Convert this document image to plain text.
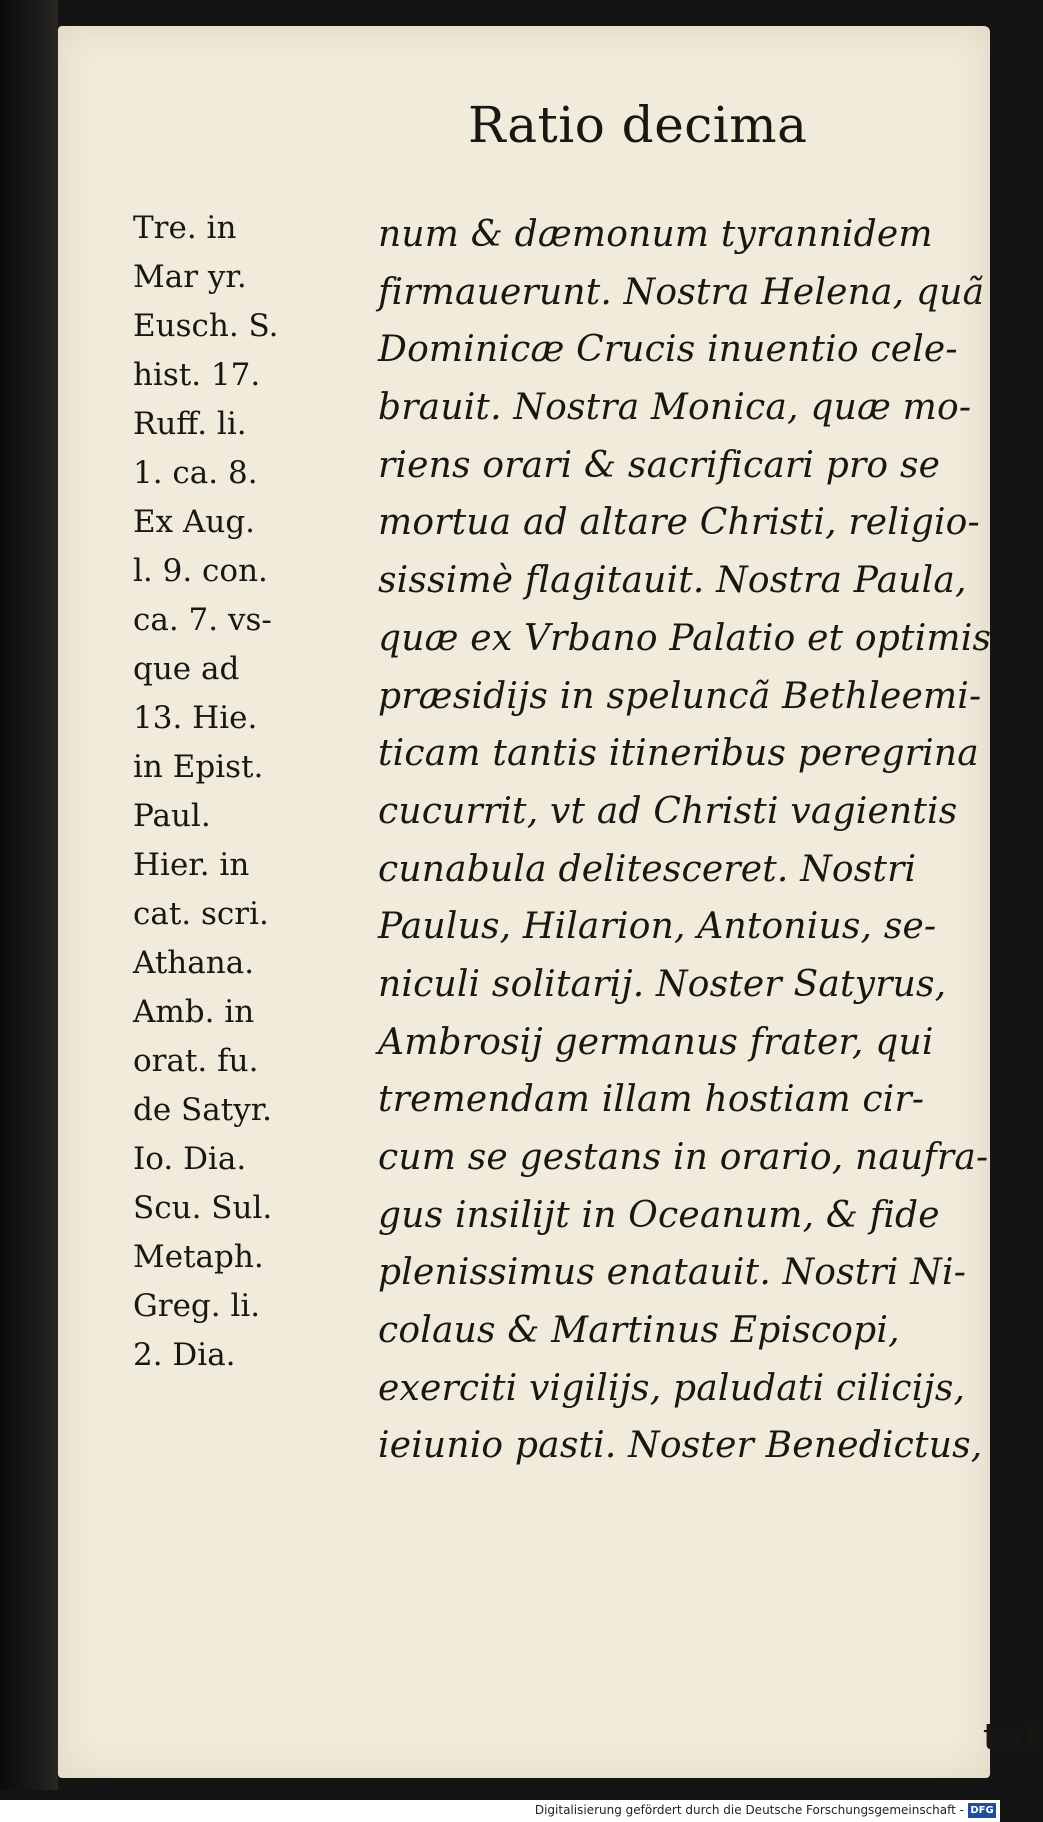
Ratio decima
Tre. in
Mar yr.
Eusch. S.
hist. 17.
Ruff. li.
1. ca. 8.
Ex Aug.
l. 9. con.
ca. 7. vs-
que ad
13. Hie.
in Epist.
Paul.
Hier. in
cat. scri.
Athana.
Amb. in
orat. fu.
de Satyr.
Io. Dia.
Scu. Sul.
Metaph.
Greg. li.
2. Dia.
num & dæmonum tyrannidem
firmauerunt. Nostra Helena, quã
Dominicæ Crucis inuentio cele-
brauit. Nostra Monica, quæ mo-
riens orari & sacrificari pro se
mortua ad altare Christi, religio-
sissimè flagitauit. Nostra Paula,
quæ ex Vrbano Palatio et optimis
præsidijs in speluncã Bethleemi-
ticam tantis itineribus peregrina
cucurrit, vt ad Christi vagientis
cunabula delitesceret. Nostri
Paulus, Hilarion, Antonius, se-
niculi solitarij. Noster Satyrus,
Ambrosij germanus frater, qui
tremendam illam hostiam cir-
cum se gestans in orario, naufra-
gus insilijt in Oceanum, & fide
plenissimus enatauit. Nostri Ni-
colaus & Martinus Episcopi,
exerciti vigilijs, paludati cilicijs,
ieiunio pasti. Noster Benedictus,
tot
Digitalisierung gefördert durch die Deutsche Forschungsgemeinschaft - DFG
